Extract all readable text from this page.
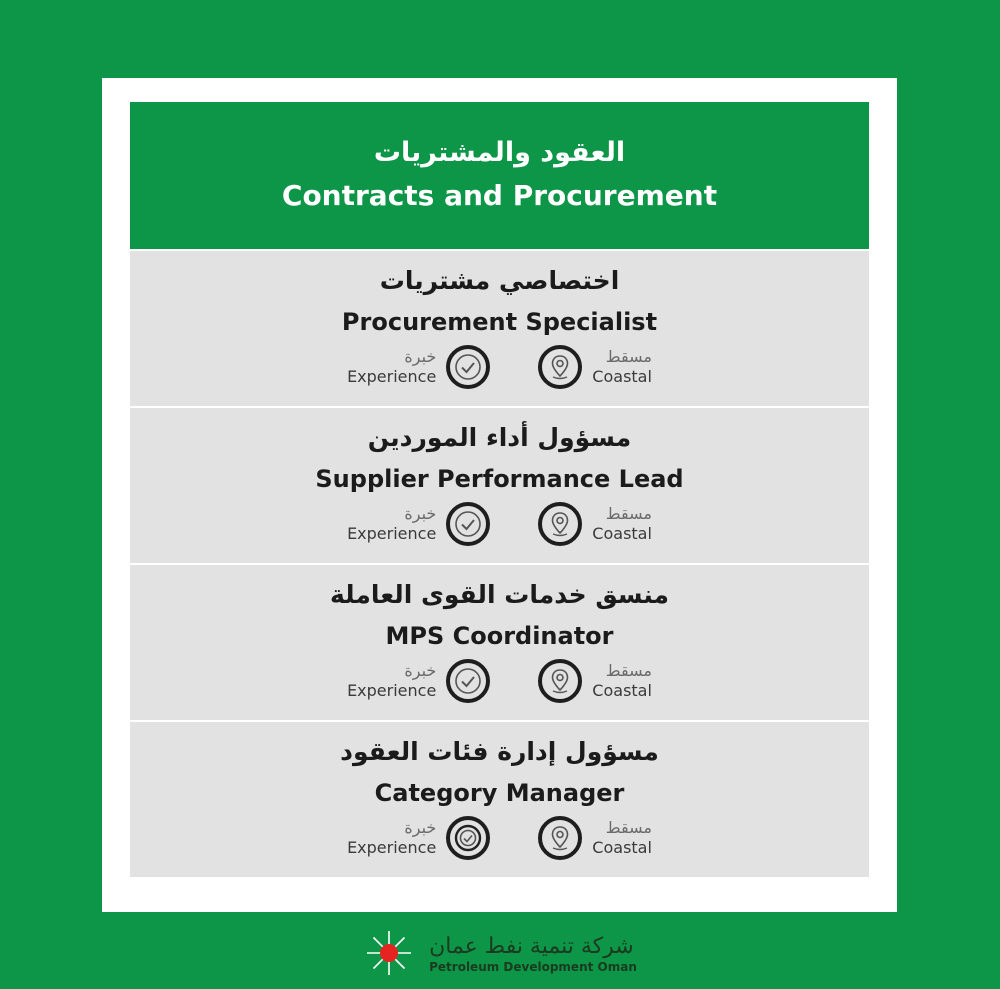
العقود والمشتريات
Contracts and Procurement
اختصاصي مشتريات
Procurement Specialist
خبرة
Experience
مسقط
Coastal
مسؤول أداء الموردين
Supplier Performance Lead
خبرة
Experience
مسقط
Coastal
منسق خدمات القوى العاملة
MPS Coordinator
خبرة
Experience
مسقط
Coastal
مسؤول إدارة فئات العقود
Category Manager
خبرة
Experience
مسقط
Coastal
شركة تنمية نفط عمان
Petroleum Development Oman
